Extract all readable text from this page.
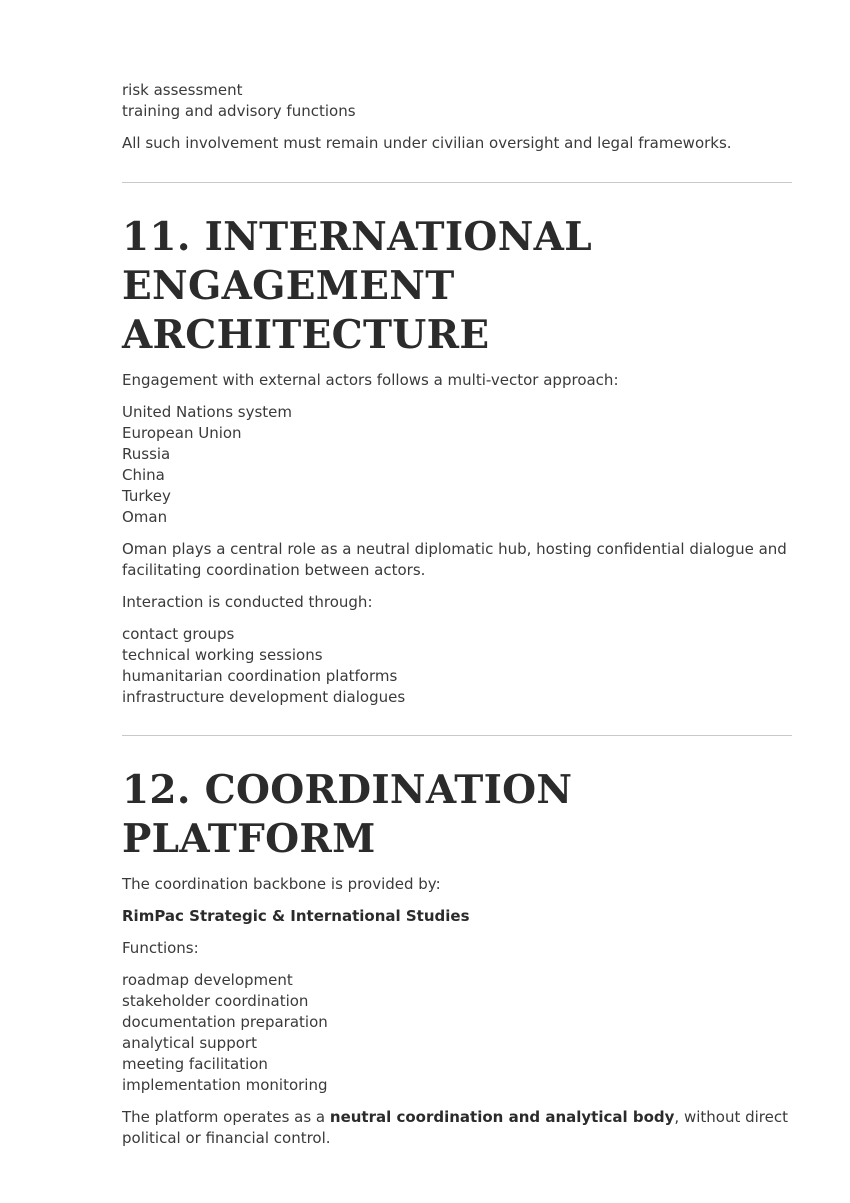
risk assessment
training and advisory functions

All such involvement must remain under civilian oversight and legal frameworks.

11. INTERNATIONAL
ENGAGEMENT ARCHITECTURE

Engagement with external actors follows a multi-vector approach:

United Nations system
European Union
Russia
China
Turkey
Oman

Oman plays a central role as a neutral diplomatic hub, hosting confidential dialogue and facilitating coordination between actors.

Interaction is conducted through:

contact groups
technical working sessions
humanitarian coordination platforms
infrastructure development dialogues
12. COORDINATION PLATFORM

The coordination backbone is provided by:

RimPac Strategic & International Studies

Functions:

roadmap development
stakeholder coordination
documentation preparation
analytical support
meeting facilitation
implementation monitoring

The platform operates as a neutral coordination and analytical body, without direct political or financial control.
